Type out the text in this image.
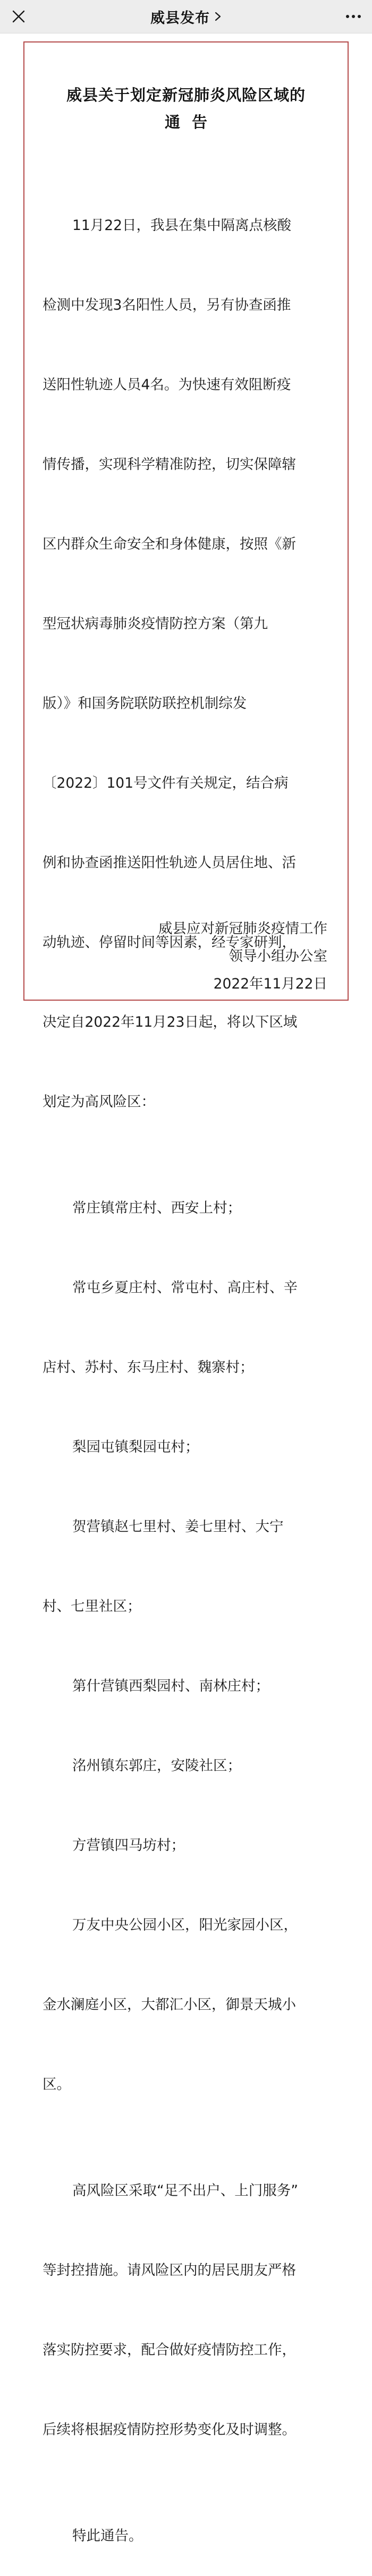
威县发布
威县关于划定新冠肺炎风险区域的
通告

11月22日，我县在集中隔离点核酸

检测中发现3名阳性人员，另有协查函推

送阳性轨迹人员4名。为快速有效阻断疫

情传播，实现科学精准防控，切实保障辖

区内群众生命安全和身体健康，按照《新

型冠状病毒肺炎疫情防控方案（第九

版）》和国务院联防联控机制综发

〔2022〕101号文件有关规定，结合病

例和协查函推送阳性轨迹人员居住地、活

动轨迹、停留时间等因素，经专家研判，

决定自2022年11月23日起，将以下区域

划定为高风险区：

常庄镇常庄村、西安上村；

常屯乡夏庄村、常屯村、高庄村、辛

店村、苏村、东马庄村、魏寨村；

梨园屯镇梨园屯村；

贺营镇赵七里村、姜七里村、大宁

村、七里社区；

第什营镇西梨园村、南林庄村；

洺州镇东郭庄，安陵社区；

方营镇四马坊村；

万友中央公园小区，阳光家园小区，

金水澜庭小区，大都汇小区，御景天城小

区。

高风险区采取“足不出户、上门服务”

等封控措施。请风险区内的居民朋友严格

落实防控要求，配合做好疫情防控工作，

后续将根据疫情防控形势变化及时调整。

特此通告。

威县应对新冠肺炎疫情工作
领导小组办公室
2022年11月22日
